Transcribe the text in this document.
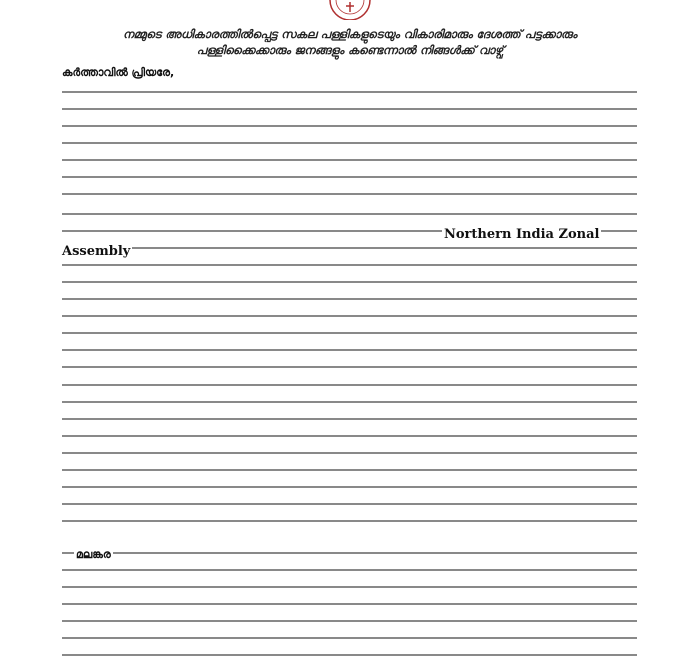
നമ്മുടെ അധികാരത്തിൽപ്പെട്ട സകല പള്ളികളുടെയും വികാരിമാരും ദേശത്ത് പട്ടക്കാരും
പള്ളിക്കൈക്കാരും ജനങ്ങളും കണ്ടെന്നാൽ നിങ്ങൾക്ക് വാഴ്വ്
കർത്താവിൽ പ്രിയരേ,
Northern India Zonal
Assembly
മലങ്കര
